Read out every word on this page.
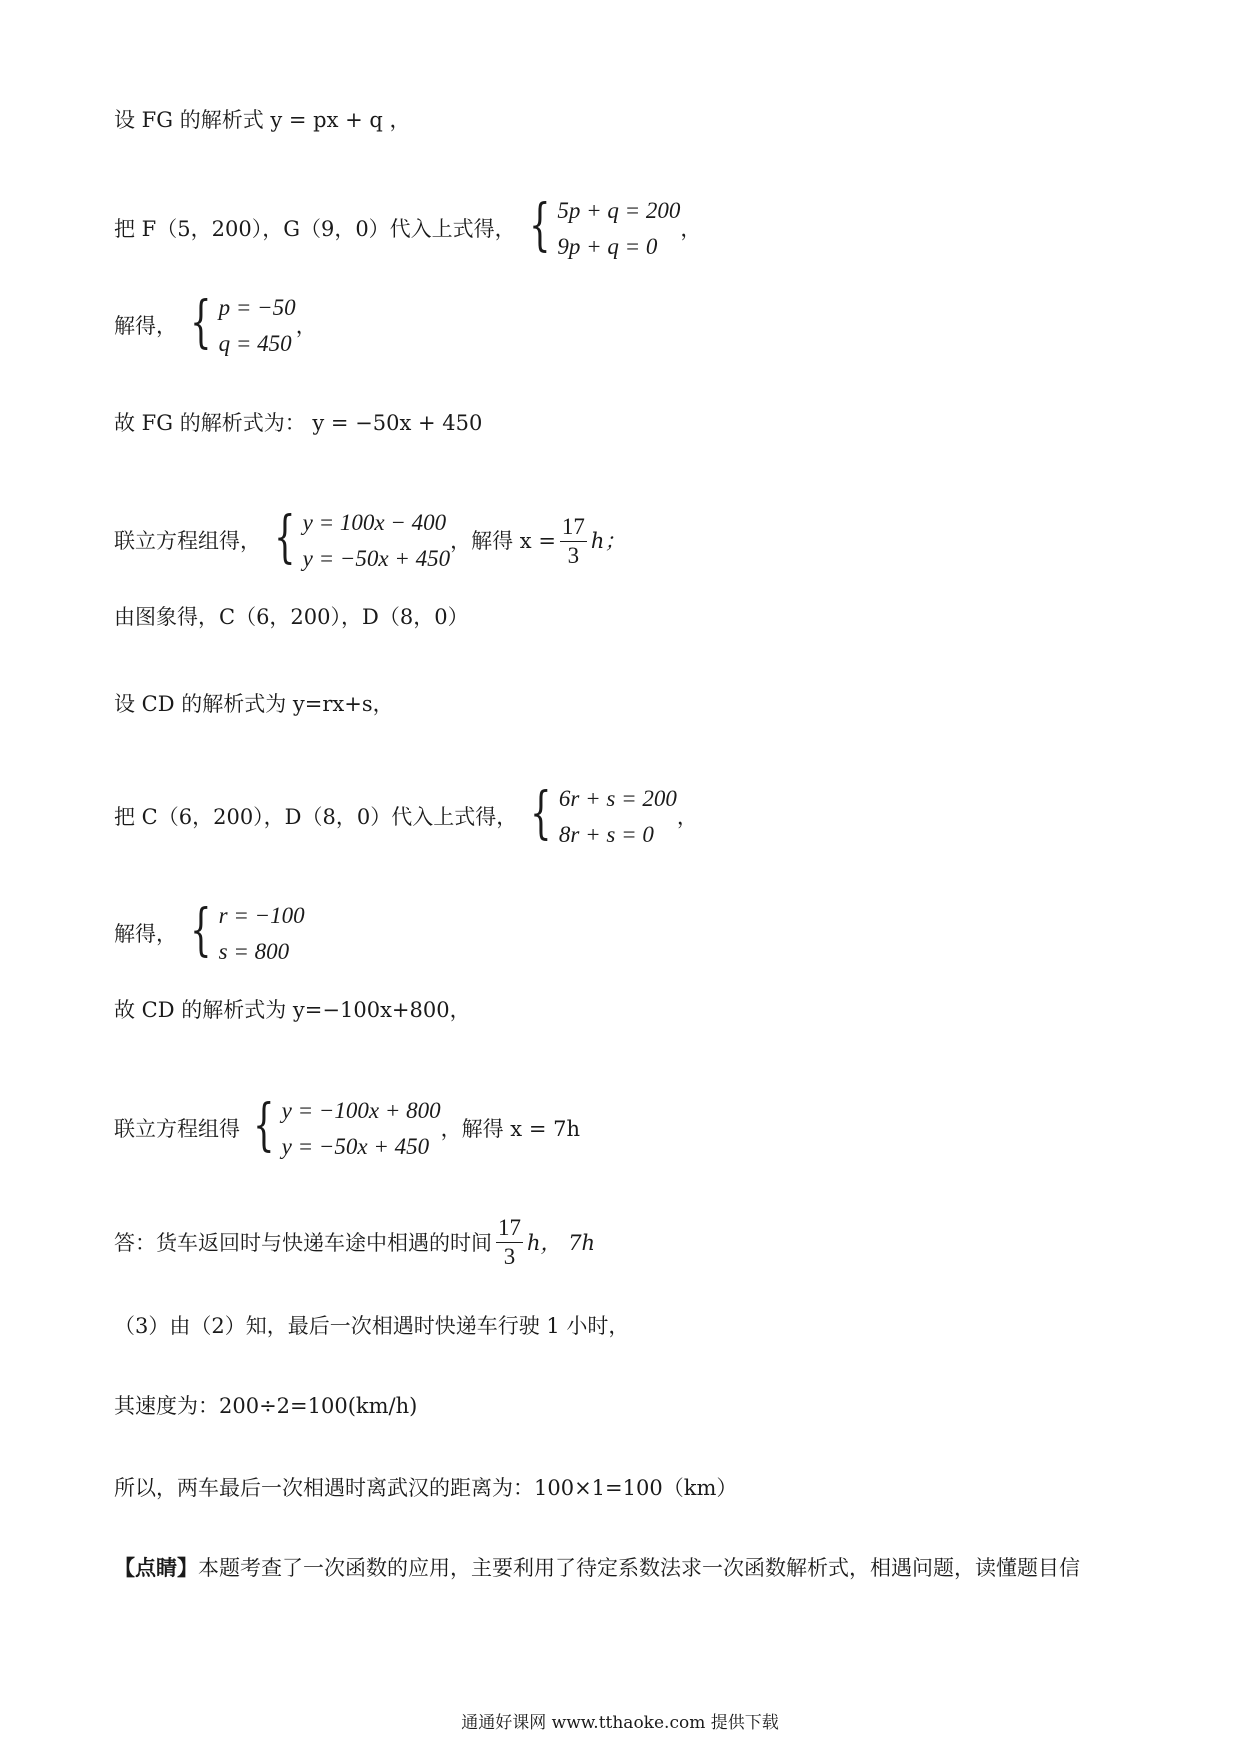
设 FG 的解析式 y = px + q ，
把 F（5，200），G（9，0）代入上式得， { 5p + q = 200
9p + q = 0
，
解得， { p = −50
q = 450
，
故 FG 的解析式为： y = −50x + 450
联立方程组得， { y = 100x − 400
y = −50x + 450
，解得 $x = \frac{17}{3}$ h；
由图象得，C（6，200），D（8，0）
设 CD 的解析式为 y=rx+s，
把 C（6，200），D（8，0）代入上式得， { 6r + s = 200
8r + s = 0
，
解得， { r = −100
s = 800
故 CD 的解析式为 y=−100x+800，
联立方程组得 { y = −100x + 800
y = −50x + 450
，解得 x = 7h
答：货车返回时与快递车途中相遇的时间 $\frac{17}{3}$ h， 7h
（3）由（2）知，最后一次相遇时快递车行驶 1 小时，
其速度为：200÷2=100(km/h)
所以，两车最后一次相遇时离武汉的距离为：100×1=100（km）
【点睛】 本题考查了一次函数的应用，主要利用了待定系数法求一次函数解析式，相遇问题，读懂题目信
通通好课网 www.tthaoke.com 提供下载
